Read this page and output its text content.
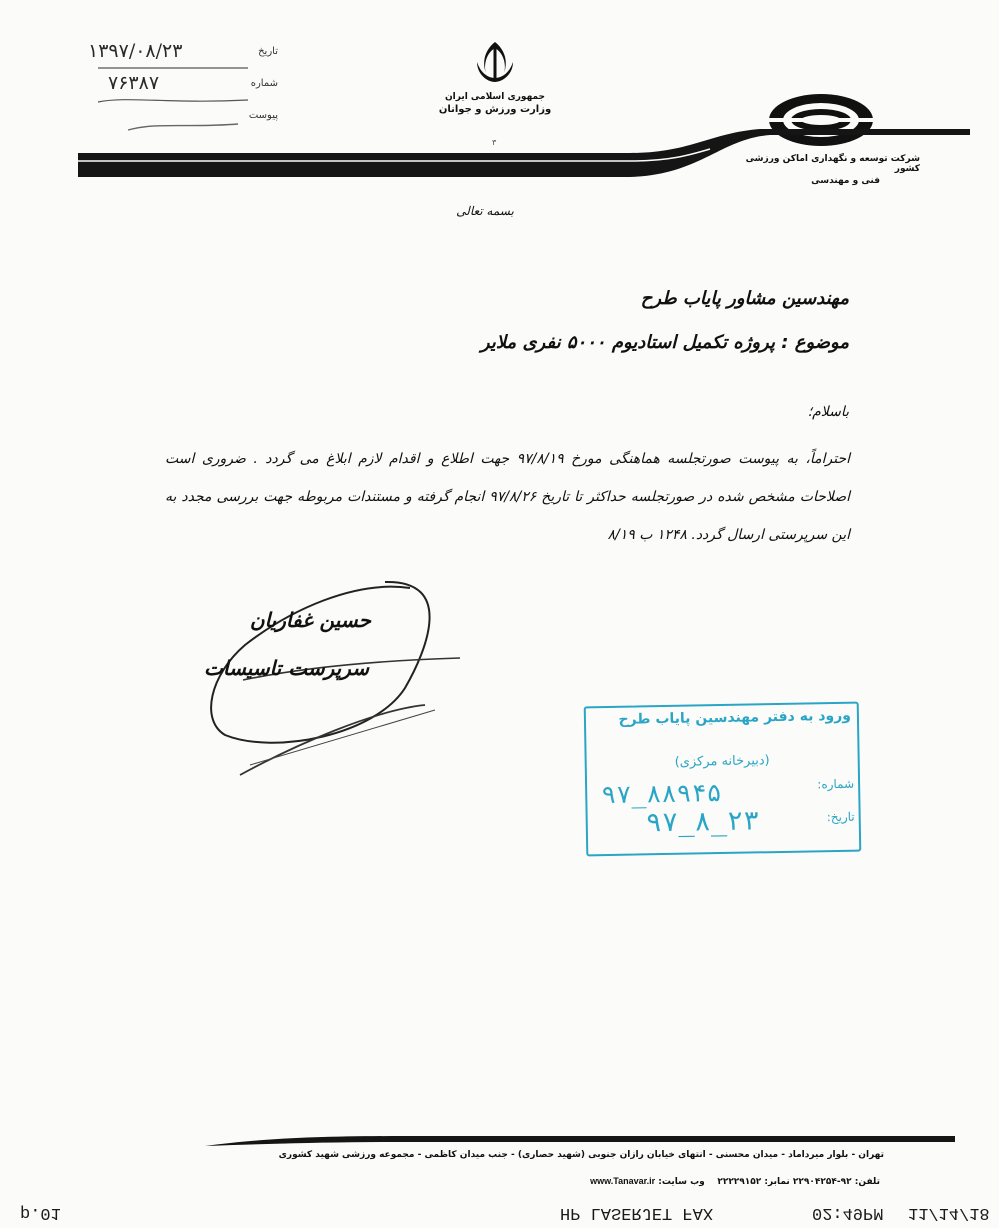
تاریخ
۱۳۹۷/۰۸/۲۳
شماره
۷۶۳۸۷
پیوست
جمهوری اسلامی ایران
وزارت ورزش و جوانان
۳
شرکت توسعه و نگهداری اماکن ورزشی کشور
فنی و مهندسی
بسمه تعالی
مهندسین مشاور پایاب طرح
موضوع : پروژه تکمیل استادیوم ۵۰۰۰ نفری ملایر
باسلام؛
احتراماً، به پیوست صورتجلسه هماهنگی مورخ ۹۷/۸/۱۹ جهت اطلاع و اقدام لازم ابلاغ می گردد . ضروری است اصلاحات مشخص شده در صورتجلسه حداکثر تا تاریخ ۹۷/۸/۲۶ انجام گرفته و مستندات مربوطه جهت بررسی مجدد به این سرپرستی ارسال گردد. ۱۲۴۸ ب ۸/۱۹
حسین غفاریان
سرپرست تاسیسات
ورود به دفتر مهندسین پایاب طرح
(دبیرخانه مرکزی)
شماره:
۹۷_۸۸۹۴۵
تاریخ:
۹۷_۸_۲۳
تهران - بلوار میرداماد - میدان محسنی - انتهای خیابان رازان جنوبی (شهید حصاری) - جنب میدان کاظمی - مجموعه ورزشی شهید کشوری
تلفن: ۹۲-۲۲۹۰۴۲۵۴ نمابر: ۲۲۲۲۹۱۵۲    وب سایت: www.Tanavar.ir
p.01	HP LASERJET FAX	02:49PM 11/14/18
